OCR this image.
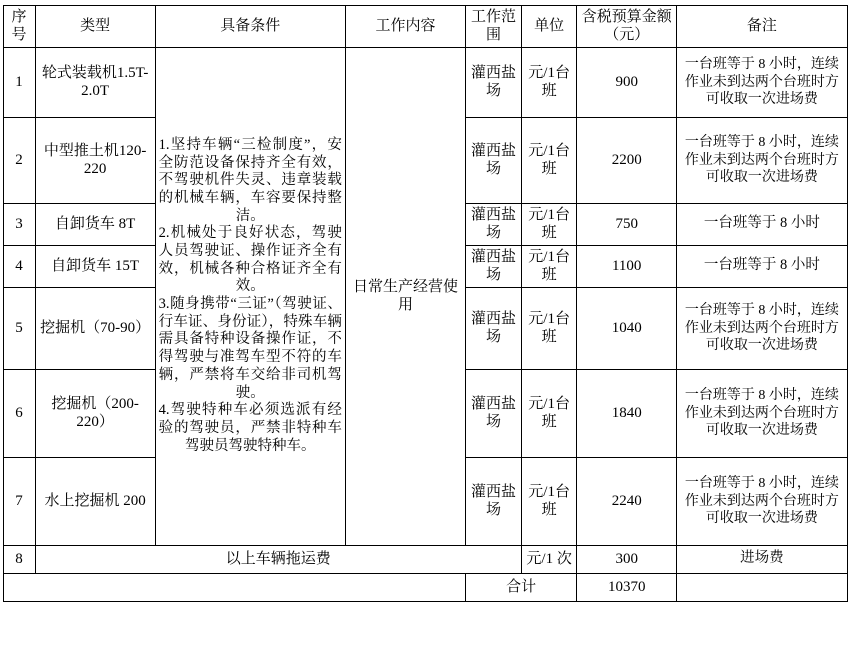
序号	类型	具备条件	工作内容	工作范围	单位	含税预算金额（元）	备注
1	轮式装载机1.5T-2.0T	1.坚持车辆“三检制度”，安全防范设备保持齐全有效，不驾驶机件失灵、违章装载的机械车辆，车容要保持整洁。

2.机械处于良好状态，驾驶人员驾驶证、操作证齐全有效，机械各种合格证齐全有效。

3.随身携带“三证”（驾驶证、行车证、身份证），特殊车辆需具备特种设备操作证，不得驾驶与准驾车型不符的车辆，严禁将车交给非司机驾驶。

4.驾驶特种车必须选派有经验的驾驶员，严禁非特种车驾驶员驾驶特种车。	日常生产经营使用	灌西盐场	元/1台班	900	一台班等于 8 小时，连续作业未到达两个台班时方可收取一次进场费
2	中型推土机120-220			灌西盐场	元/1台班	2200	一台班等于 8 小时，连续作业未到达两个台班时方可收取一次进场费
3	自卸货车 8T			灌西盐场	元/1台班	750	一台班等于 8 小时
4	自卸货车 15T			灌西盐场	元/1台班	1100	一台班等于 8 小时
5	挖掘机（70-90）			灌西盐场	元/1台班	1040	一台班等于 8 小时，连续作业未到达两个台班时方可收取一次进场费
6	挖掘机（200-220）			灌西盐场	元/1台班	1840	一台班等于 8 小时，连续作业未到达两个台班时方可收取一次进场费
7	水上挖掘机 200			灌西盐场	元/1台班	2240	一台班等于 8 小时，连续作业未到达两个台班时方可收取一次进场费
8	以上车辆拖运费				元/1 次	300	进场费
				合计		10370	
